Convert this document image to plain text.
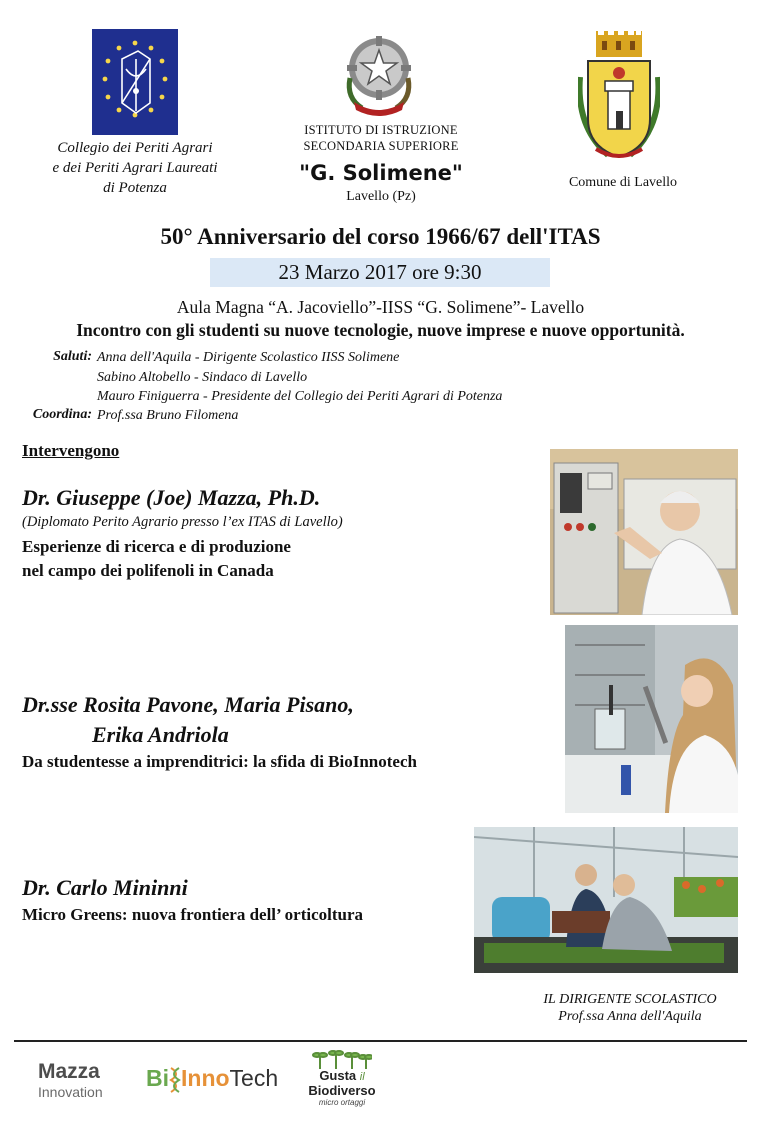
Collegio dei Periti Agrari
e dei Periti Agrari Laureati
di Potenza
ISTITUTO DI ISTRUZIONE
SECONDARIA SUPERIORE
"G. Solimene"
Lavello (Pz)
Comune di Lavello
50° Anniversario del corso 1966/67 dell'ITAS
23 Marzo 2017 ore 9:30
Aula Magna “A. Jacoviello”-IISS “G. Solimene”- Lavello
Incontro con gli studenti su nuove tecnologie, nuove imprese e nuove opportunità.
Saluti: Anna dell'Aquila - Dirigente Scolastico IISS Solimene
Sabino Altobello - Sindaco di Lavello
Mauro Finiguerra - Presidente del Collegio dei Periti Agrari di Potenza
Coordina: Prof.ssa Bruno Filomena
Intervengono
Dr. Giuseppe (Joe) Mazza, Ph.D.
(Diplomato Perito Agrario presso l’ex ITAS di Lavello)
Esperienze di ricerca e di produzione
nel campo dei polifenoli in Canada
Dr.sse Rosita Pavone, Maria Pisano,
Erika Andriola
Da studentesse a imprenditrici: la sfida di BioInnotech
Dr. Carlo Mininni
Micro Greens: nuova frontiera dell’ orticoltura
IL DIRIGENTE SCOLASTICO
Prof.ssa Anna dell'Aquila
Mazza
Innovation
Bi InnoTech	Gusta il
Biodiverso
micro ortaggi
